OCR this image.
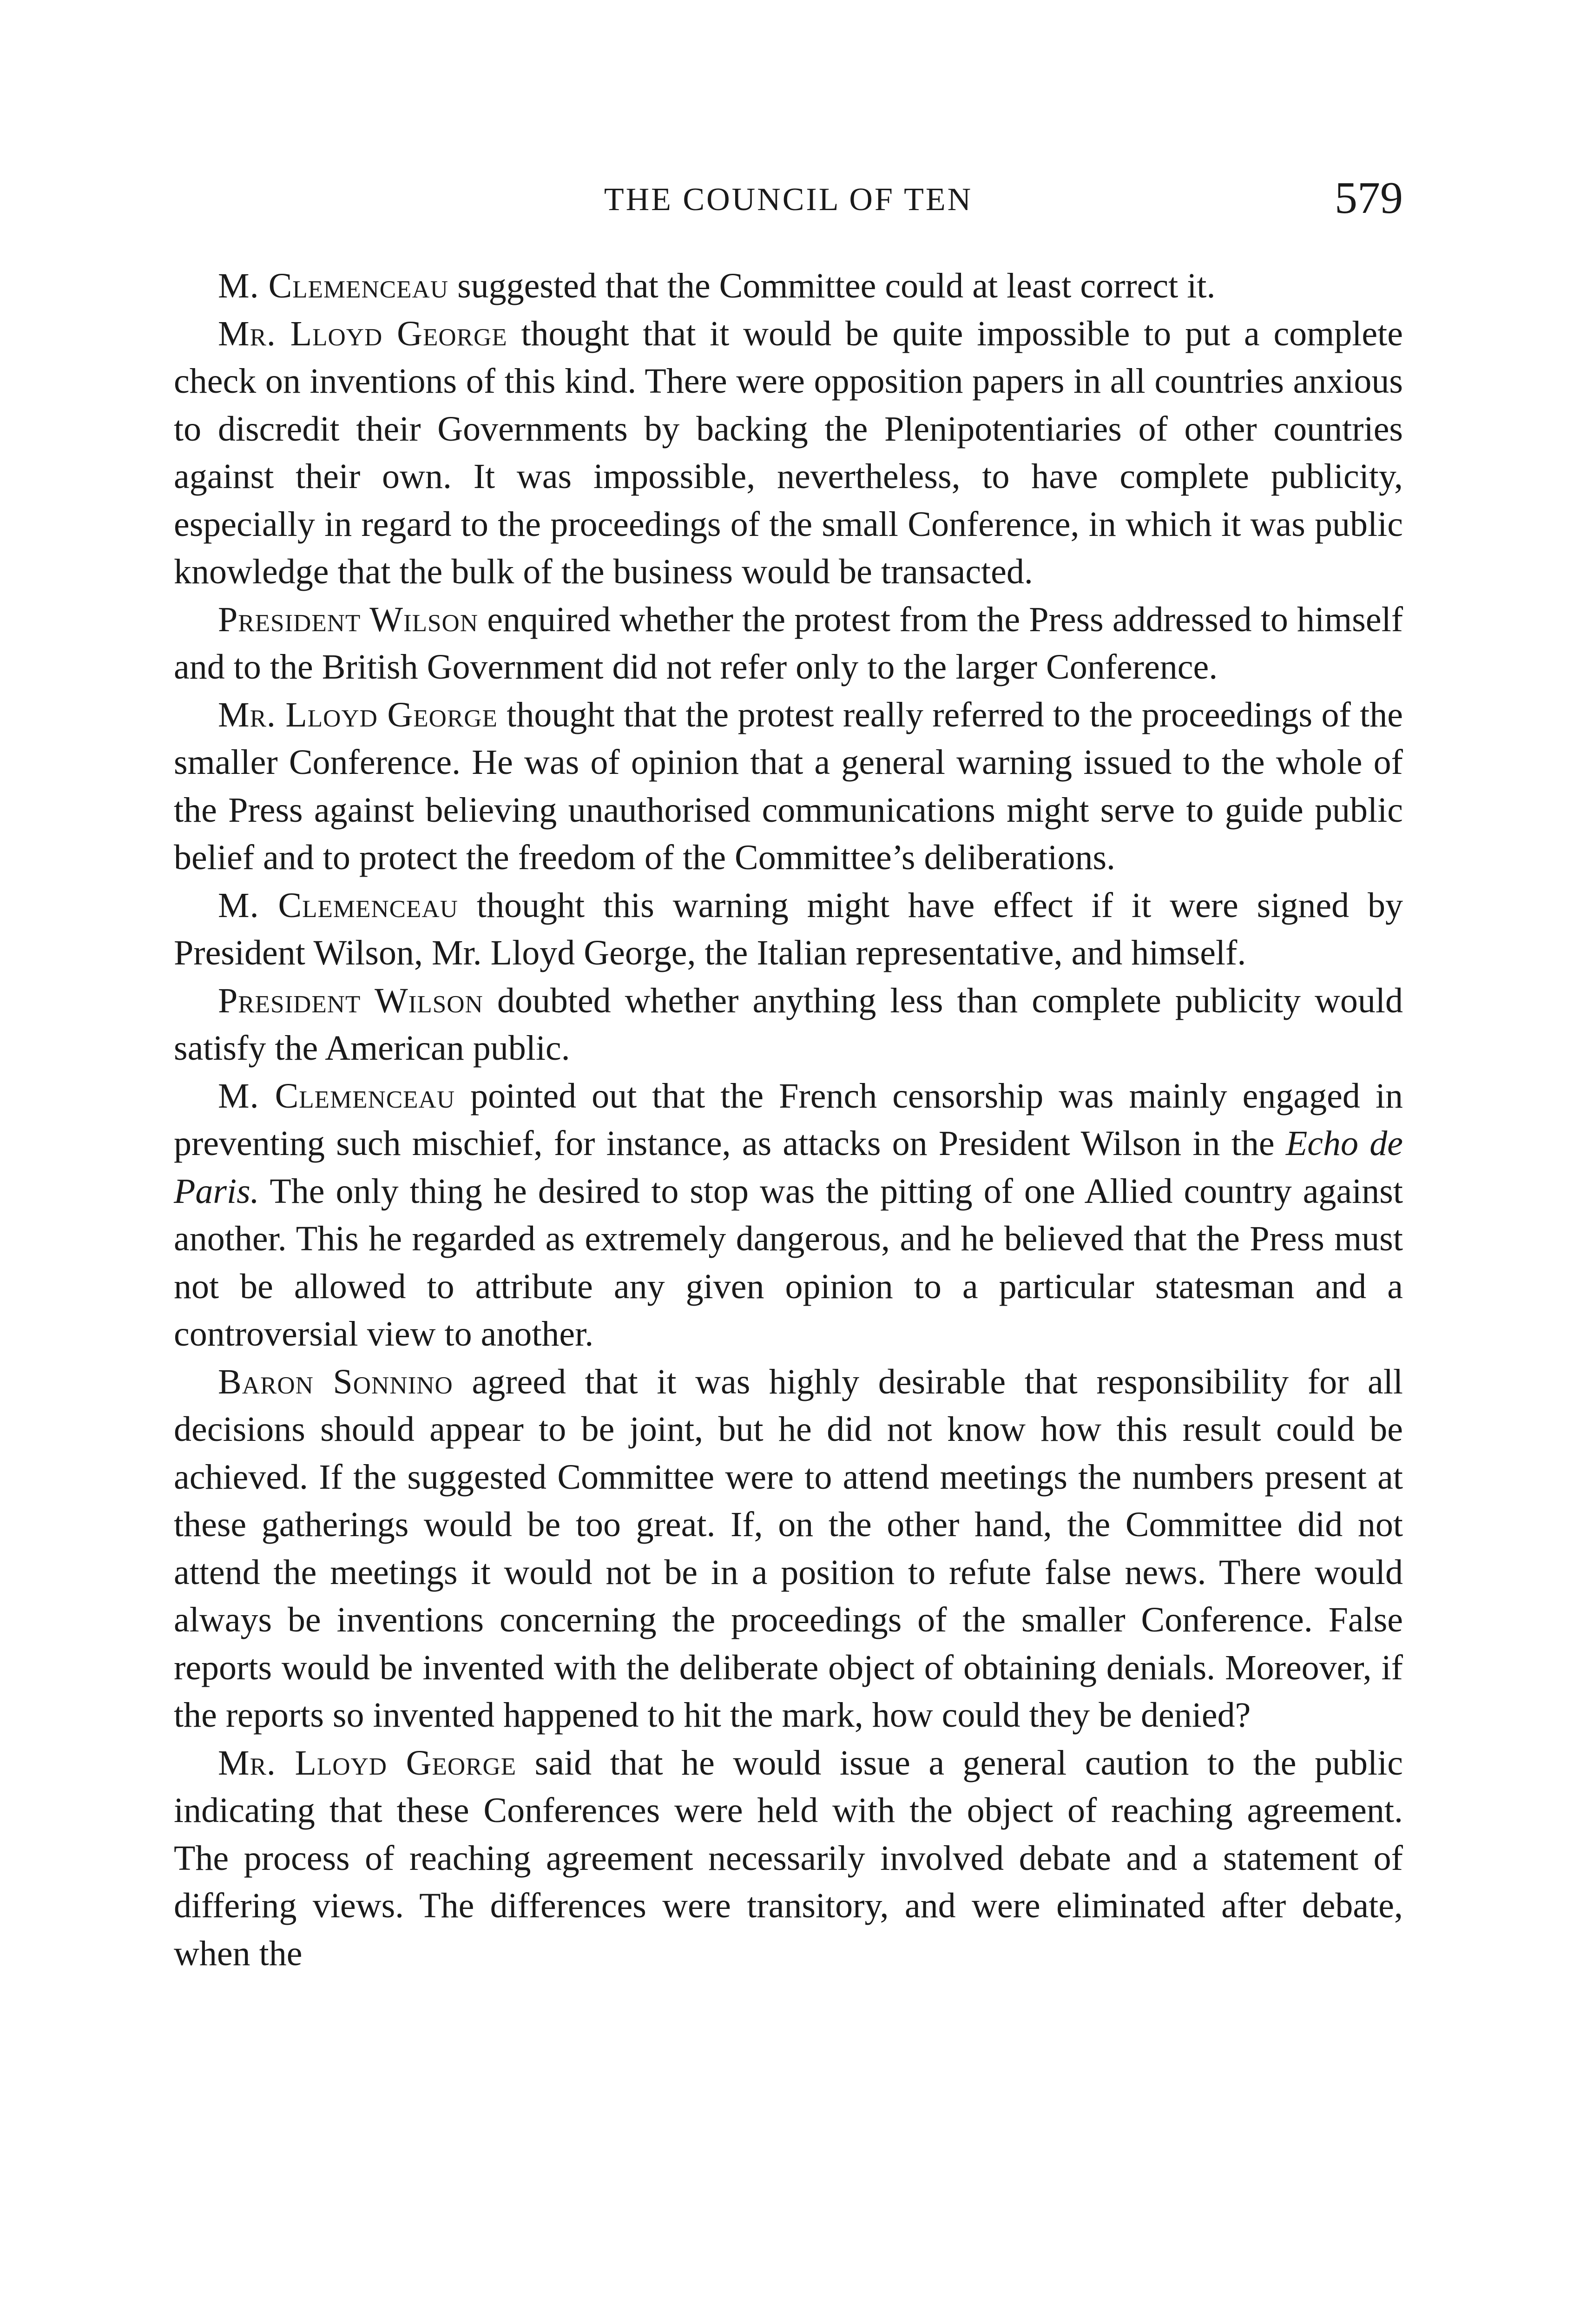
THE COUNCIL OF TEN	579

M. Clemenceau suggested that the Committee could at least correct it.

Mr. Lloyd George thought that it would be quite impossible to put a complete check on inventions of this kind. There were opposition papers in all countries anxious to discredit their Governments by backing the Plenipotentiaries of other countries against their own. It was impossible, nevertheless, to have complete publicity, especially in regard to the proceedings of the small Conference, in which it was public knowledge that the bulk of the business would be transacted.

President Wilson enquired whether the protest from the Press addressed to himself and to the British Government did not refer only to the larger Conference.

Mr. Lloyd George thought that the protest really referred to the proceedings of the smaller Conference. He was of opinion that a general warning issued to the whole of the Press against believing unauthorised communications might serve to guide public belief and to protect the freedom of the Committee’s deliberations.

M. Clemenceau thought this warning might have effect if it were signed by President Wilson, Mr. Lloyd George, the Italian representative, and himself.

President Wilson doubted whether anything less than complete publicity would satisfy the American public.

M. Clemenceau pointed out that the French censorship was mainly engaged in preventing such mischief, for instance, as attacks on President Wilson in the Echo de Paris. The only thing he desired to stop was the pitting of one Allied country against another. This he regarded as extremely dangerous, and he believed that the Press must not be allowed to attribute any given opinion to a particular statesman and a controversial view to another.

Baron Sonnino agreed that it was highly desirable that responsibility for all decisions should appear to be joint, but he did not know how this result could be achieved. If the suggested Committee were to attend meetings the numbers present at these gatherings would be too great. If, on the other hand, the Committee did not attend the meetings it would not be in a position to refute false news. There would always be inventions concerning the proceedings of the smaller Conference. False reports would be invented with the deliberate object of obtaining denials. Moreover, if the reports so invented happened to hit the mark, how could they be denied?

Mr. Lloyd George said that he would issue a general caution to the public indicating that these Conferences were held with the object of reaching agreement. The process of reaching agreement necessarily involved debate and a statement of differing views. The differences were transitory, and were eliminated after debate, when the
